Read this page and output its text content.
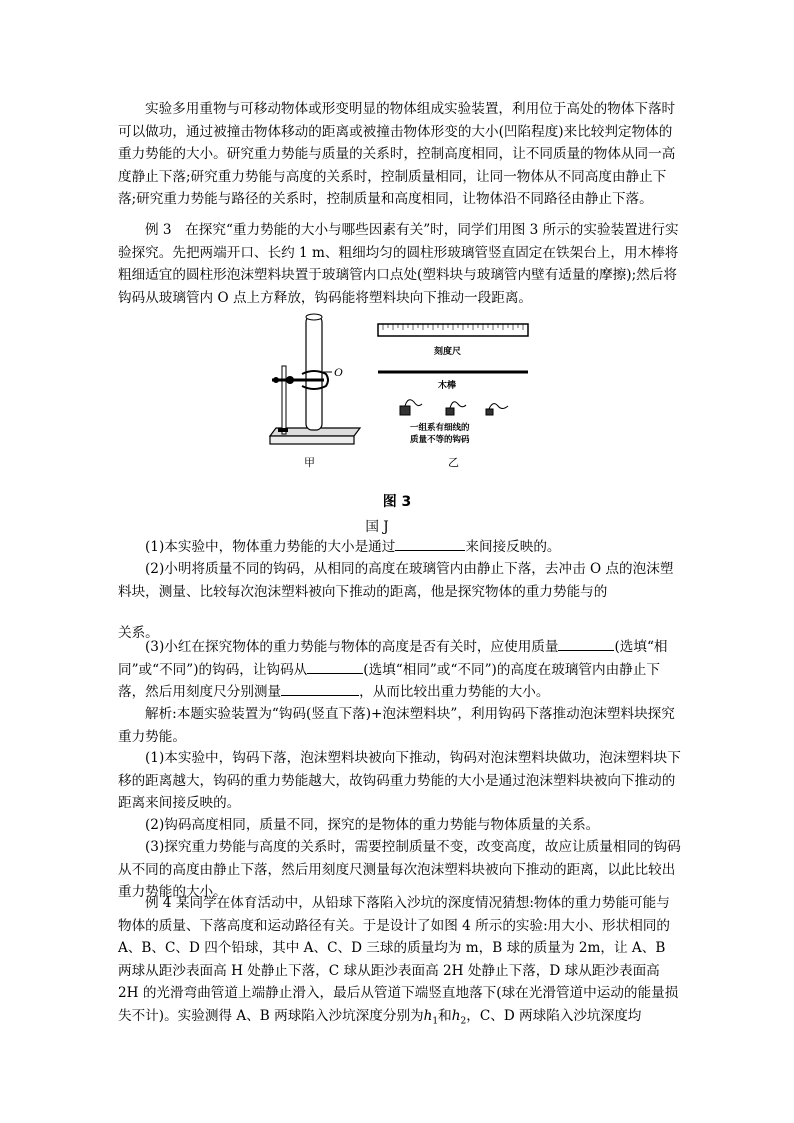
实验多用重物与可移动物体或形变明显的物体组成实验装置，利用位于高处的物体下落时可以做功，通过被撞击物体移动的距离或被撞击物体形变的大小(凹陷程度)来比较判定物体的重力势能的大小。研究重力势能与质量的关系时，控制高度相同，让不同质量的物体从同一高度静止下落;研究重力势能与高度的关系时，控制质量相同，让同一物体从不同高度由静止下落;研究重力势能与路径的关系时，控制质量和高度相同，让物体沿不同路径由静止下落。

例 3　在探究“重力势能的大小与哪些因素有关”时，同学们用图 3 所示的实验装置进行实验探究。先把两端开口、长约 1 m、粗细均匀的圆柱形玻璃管竖直固定在铁架台上，用木棒将粗细适宜的圆柱形泡沫塑料块置于玻璃管内口点处(塑料块与玻璃管内壁有适量的摩擦);然后将钩码从玻璃管内 O 点上方释放，钩码能将塑料块向下推动一段距离。

O
甲
刻度尺
木棒
一组系有细线的
质量不等的钩码
乙
图 3
国 J

(1)本实验中，物体重力势能的大小是通过	来间接反映的。

(2)小明将质量不同的钩码，从相同的高度在玻璃管内由静止下落，去冲击 O 点的泡沫塑料块，测量、比较每次泡沫塑料被向下推动的距离，他是探究物体的重力势能与的

关系。

(3)小红在探究物体的重力势能与物体的高度是否有关时，应使用质量	(选填“相同”或“不同”)的钩码，让钩码从	(选填“相同”或“不同”)的高度在玻璃管内由静止下落，然后用刻度尺分别测量	，从而比较出重力势能的大小。

解析:本题实验装置为“钩码(竖直下落)+泡沫塑料块”，利用钩码下落推动泡沫塑料块探究重力势能。

(1)本实验中，钩码下落，泡沫塑料块被向下推动，钩码对泡沫塑料块做功，泡沫塑料块下移的距离越大，钩码的重力势能越大，故钩码重力势能的大小是通过泡沫塑料块被向下推动的距离来间接反映的。

(2)钩码高度相同，质量不同，探究的是物体的重力势能与物体质量的关系。

(3)探究重力势能与高度的关系时，需要控制质量不变，改变高度，故应让质量相同的钩码从不同的高度由静止下落，然后用刻度尺测量每次泡沫塑料块被向下推动的距离，以此比较出重力势能的大小。

例 4 某同学在体育活动中，从铅球下落陷入沙坑的深度情况猜想:物体的重力势能可能与物体的质量、下落高度和运动路径有关。于是设计了如图 4 所示的实验:用大小、形状相同的 A、B、C、D 四个铅球，其中 A、C、D 三球的质量均为 m，B 球的质量为 2m，让 A、B 两球从距沙表面高 H 处静止下落，C 球从距沙表面高 2H 处静止下落，D 球从距沙表面高 2H 的光滑弯曲管道上端静止滑入，最后从管道下端竖直地落下(球在光滑管道中运动的能量损失不计)。实验测得 A、B 两球陷入沙坑深度分别为$h_1$和$h_2$，C、D 两球陷入沙坑深度均
